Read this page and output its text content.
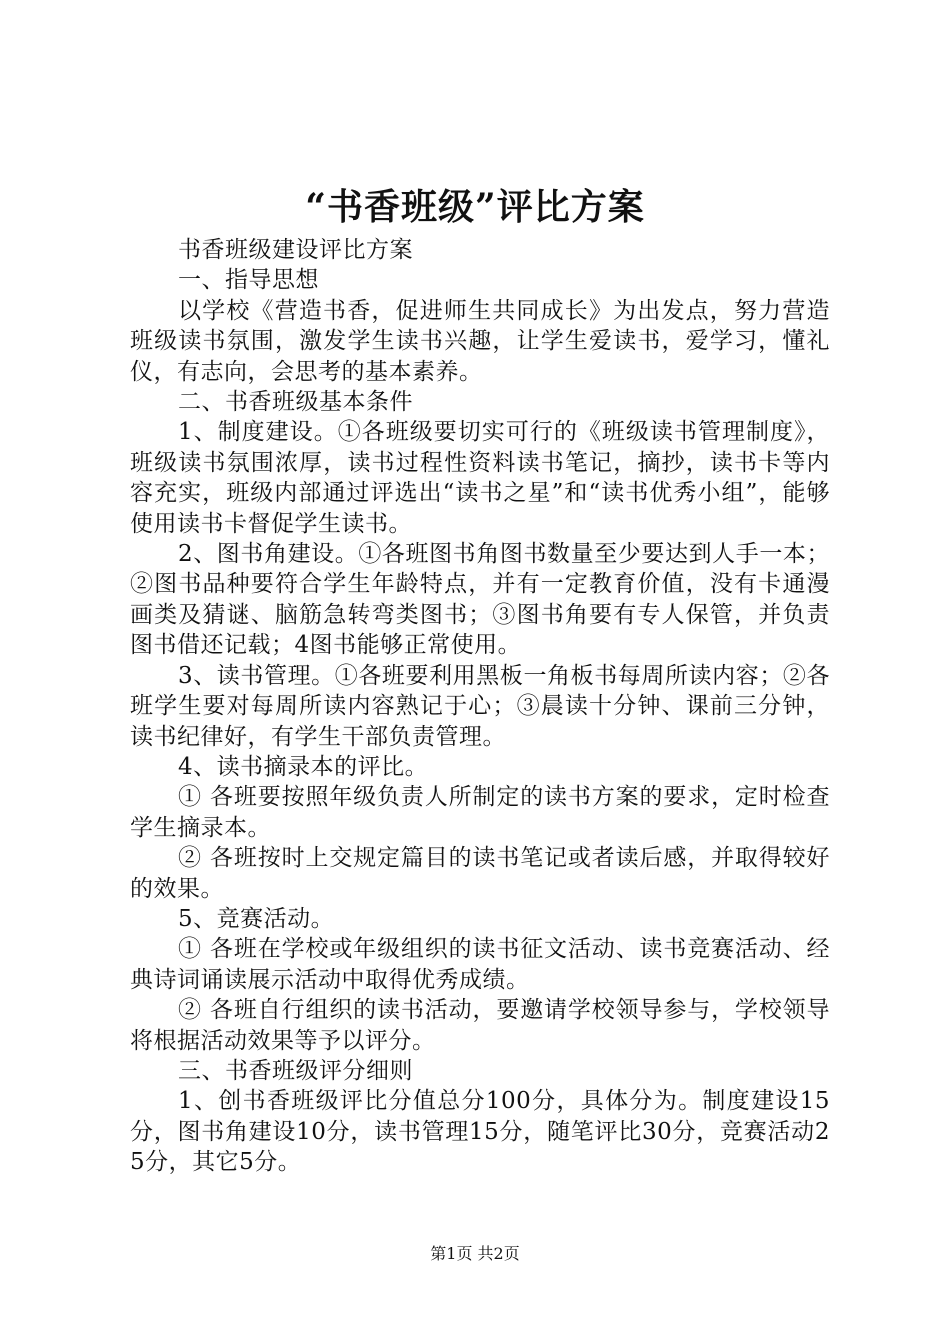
“书香班级”评比方案

书香班级建设评比方案

一、指导思想

以学校《营造书香，促进师生共同成长》为出发点，努力营造班级读书氛围，激发学生读书兴趣，让学生爱读书，爱学习，懂礼仪，有志向，会思考的基本素养。

二、书香班级基本条件

1、制度建设。①各班级要切实可行的《班级读书管理制度》，班级读书氛围浓厚，读书过程性资料读书笔记，摘抄，读书卡等内容充实，班级内部通过评选出“读书之星”和“读书优秀小组”，能够使用读书卡督促学生读书。

2、图书角建设。①各班图书角图书数量至少要达到人手一本；②图书品种要符合学生年龄特点，并有一定教育价值，没有卡通漫画类及猜谜、脑筋急转弯类图书；③图书角要有专人保管，并负责图书借还记载；4图书能够正常使用。

3、读书管理。①各班要利用黑板一角板书每周所读内容；②各班学生要对每周所读内容熟记于心；③晨读十分钟、课前三分钟，读书纪律好，有学生干部负责管理。

4、读书摘录本的评比。

① 各班要按照年级负责人所制定的读书方案的要求，定时检查学生摘录本。

② 各班按时上交规定篇目的读书笔记或者读后感，并取得较好的效果。

5、竞赛活动。

① 各班在学校或年级组织的读书征文活动、读书竞赛活动、经典诗词诵读展示活动中取得优秀成绩。

② 各班自行组织的读书活动，要邀请学校领导参与，学校领导将根据活动效果等予以评分。

三、书香班级评分细则

1、创书香班级评比分值总分100分，具体分为。制度建设15分，图书角建设10分，读书管理15分，随笔评比30分，竞赛活动25分，其它5分。

第1页 共2页
